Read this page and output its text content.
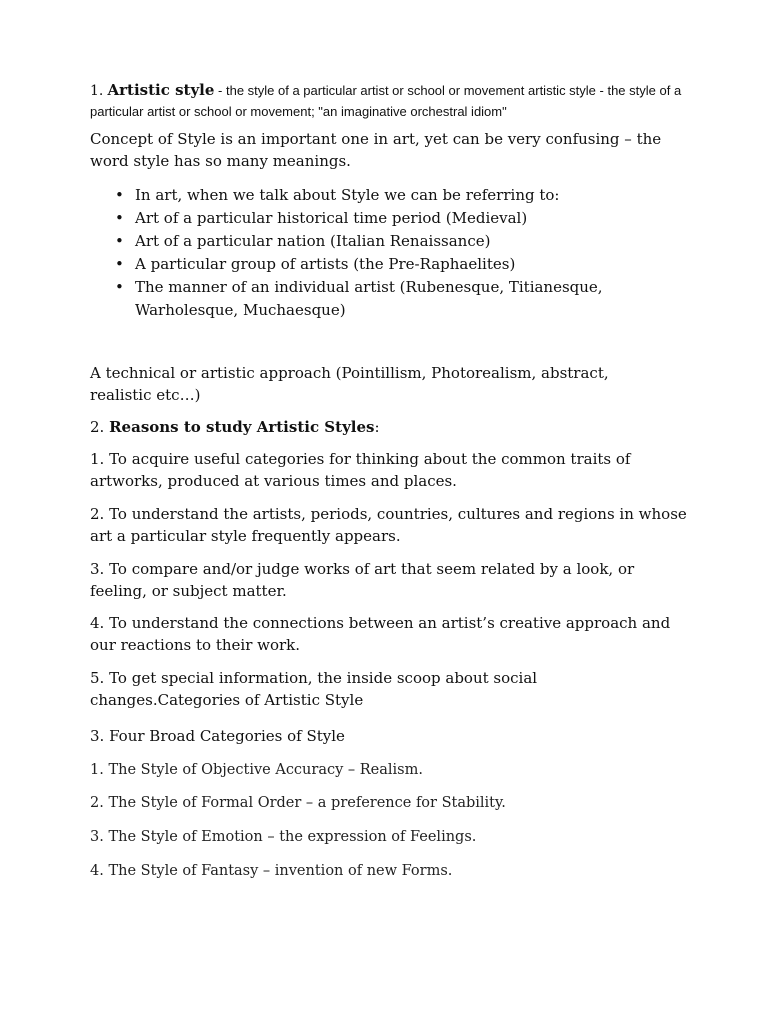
1. Artistic style - the style of a particular artist or school or movement artistic style - the style of a particular artist or school or movement; "an imaginative orchestral idiom"

Concept of Style is an important one in art, yet can be very confusing – the word style has so many meanings.

• In art, when we talk about Style we can be referring to:
• Art of a particular historical time period (Medieval)
• Art of a particular nation (Italian Renaissance)
• A particular group of artists (the Pre-Raphaelites)
• The manner of an individual artist (Rubenesque, Titianesque, Warholesque, Muchaesque)

A technical or artistic approach (Pointillism, Photorealism, abstract, realistic etc…)

2. Reasons to study Artistic Styles:

1. To acquire useful categories for thinking about the common traits of artworks, produced at various times and places.

2. To understand the artists, periods, countries, cultures and regions in whose art a particular style frequently appears.

3. To compare and/or judge works of art that seem related by a look, or feeling, or subject matter.

4. To understand the connections between an artist’s creative approach and our reactions to their work.

5. To get special information, the inside scoop about social changes.Categories of Artistic Style

3. Four Broad Categories of Style

1. The Style of Objective Accuracy – Realism.

2. The Style of Formal Order – a preference for Stability.

3. The Style of Emotion – the expression of Feelings.

4. The Style of Fantasy – invention of new Forms.
